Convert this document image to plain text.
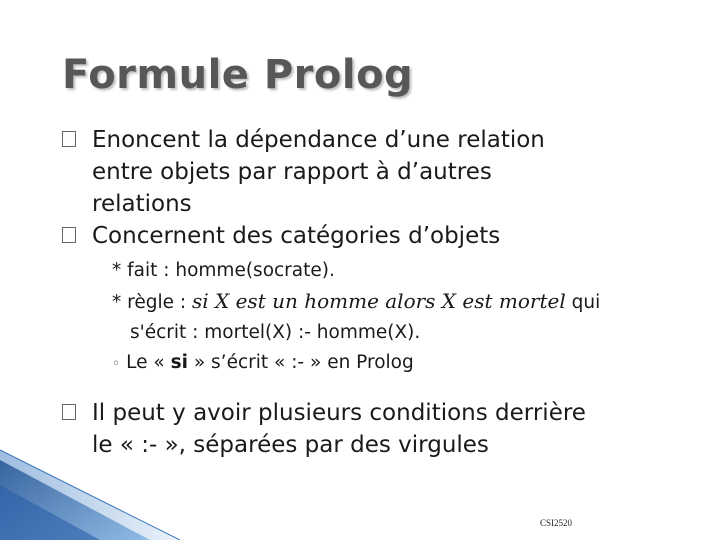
Formule Prolog
Enoncent la dépendance d’une relation
entre objets par rapport à d’autres
relations
Concernent des catégories d’objets
* fait : homme(socrate).
* règle : si X est un homme alors X est mortel qui
s'écrit : mortel(X) :- homme(X).
◦ Le « si » s’écrit « :- » en Prolog
Il peut y avoir plusieurs conditions derrière
le « :- », séparées par des virgules
CSI2520
